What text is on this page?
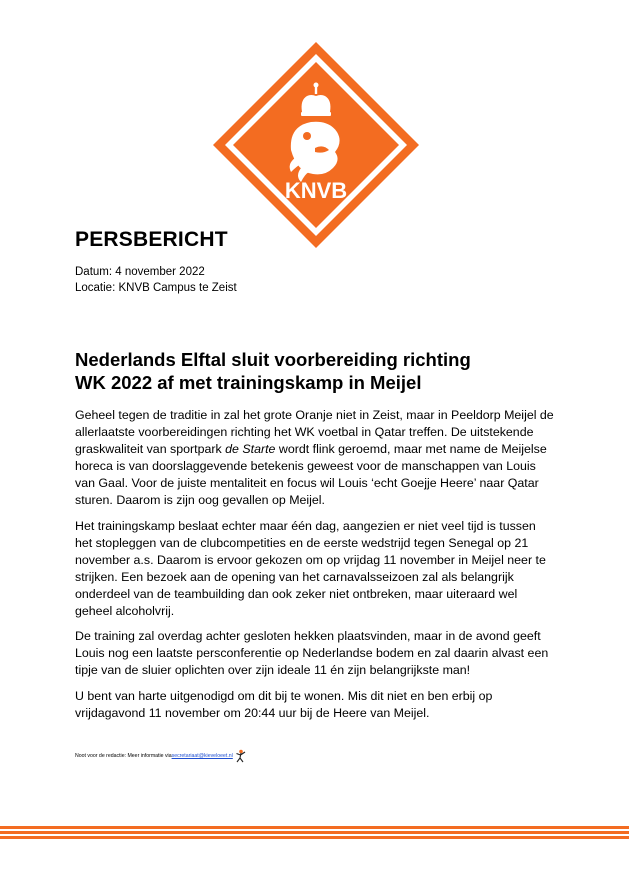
KNVB
PERSBERICHT
Datum: 4 november 2022
Locatie: KNVB Campus te Zeist
Nederlands Elftal sluit voorbereiding richting
WK 2022 af met trainingskamp in Meijel

Geheel tegen de traditie in zal het grote Oranje niet in Zeist, maar in Peeldorp Meijel de allerlaatste voorbereidingen richting het WK voetbal in Qatar treffen. De uitstekende graskwaliteit van sportpark de Starte wordt flink geroemd, maar met name de Meijelse horeca is van doorslaggevende betekenis geweest voor de manschappen van Louis van Gaal. Voor de juiste mentaliteit en focus wil Louis ‘echt Goejje Heere’ naar Qatar sturen. Daarom is zijn oog gevallen op Meijel.

Het trainingskamp beslaat echter maar één dag, aangezien er niet veel tijd is tussen het stopleggen van de clubcompetities en de eerste wedstrijd tegen Senegal op 21 november a.s. Daarom is ervoor gekozen om op vrijdag 11 november in Meijel neer te strijken. Een bezoek aan de opening van het carnavalsseizoen zal als belangrijk onderdeel van de teambuilding dan ook zeker niet ontbreken, maar uiteraard wel geheel alcoholvrij.

De training zal overdag achter gesloten hekken plaatsvinden, maar in de avond geeft Louis nog een laatste persconferentie op Nederlandse bodem en zal daarin alvast een tipje van de sluier oplichten over zijn ideale 11 én zijn belangrijkste man!

U bent van harte uitgenodigd om dit bij te wonen. Mis dit niet en ben erbij op vrijdagavond 11 november om 20:44 uur bij de Heere van Meijel.

Noot voor de redactie: Meer informatie via secretariaat@kieveloeet.nl
